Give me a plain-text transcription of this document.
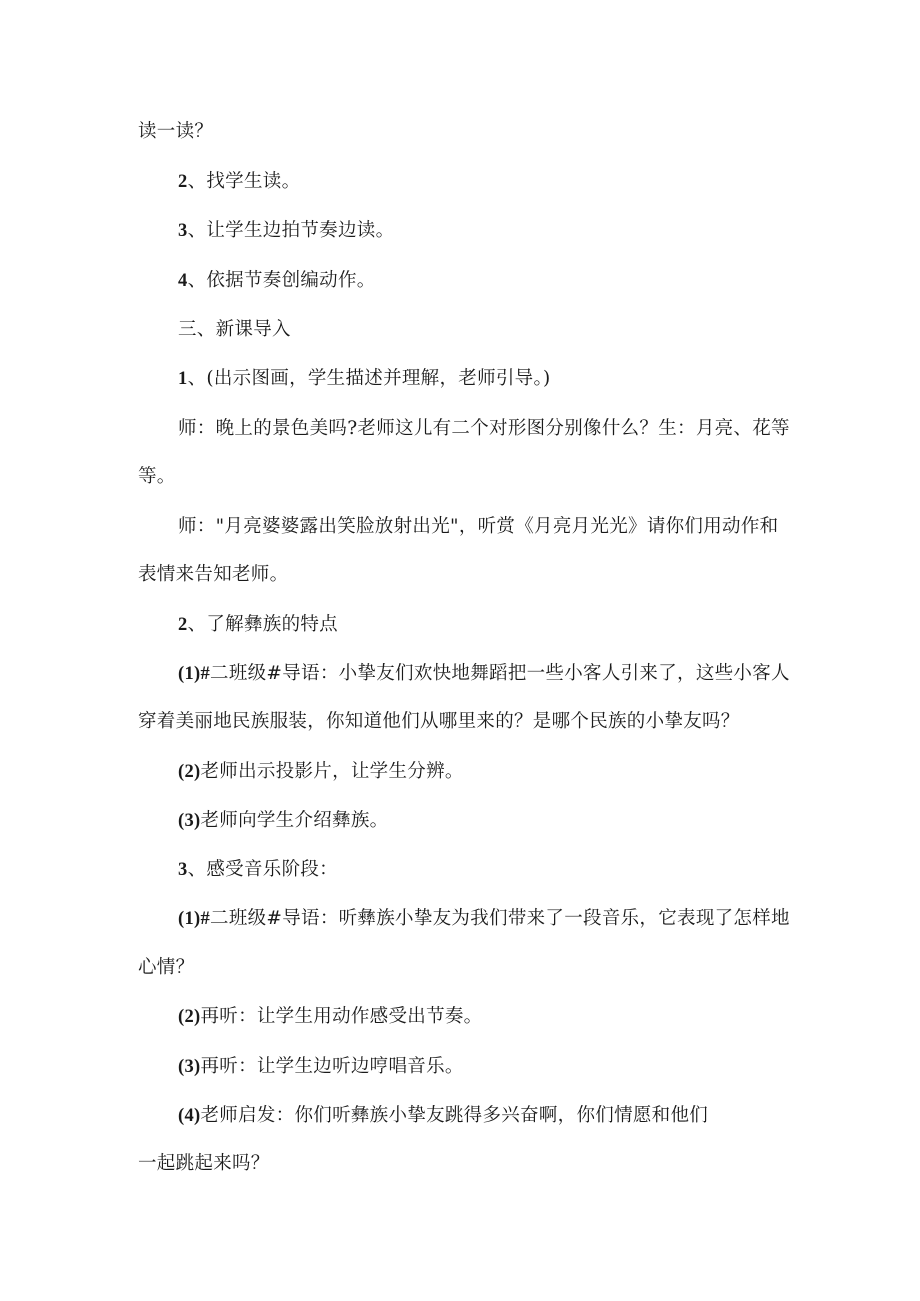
读一读？
2、找学生读。
3、让学生边拍节奏边读。
4、依据节奏创编动作。
三、新课导入
1、(出示图画，学生描述并理解，老师引导。)
师：晚上的景色美吗?老师这儿有二个对形图分别像什么？生：月亮、花等
等。
师："月亮婆婆露出笑脸放射出光"，听赏《月亮月光光》请你们用动作和
表情来告知老师。
2、了解彝族的特点
(1)#二班级#导语：小挚友们欢快地舞蹈把一些小客人引来了，这些小客人
穿着美丽地民族服装，你知道他们从哪里来的？是哪个民族的小挚友吗？
(2)老师出示投影片，让学生分辨。
(3)老师向学生介绍彝族。
3、感受音乐阶段：
(1)#二班级#导语：听彝族小挚友为我们带来了一段音乐，它表现了怎样地
心情？
(2)再听：让学生用动作感受出节奏。
(3)再听：让学生边听边哼唱音乐。
(4)老师启发：你们听彝族小挚友跳得多兴奋啊，你们情愿和他们
一起跳起来吗？
